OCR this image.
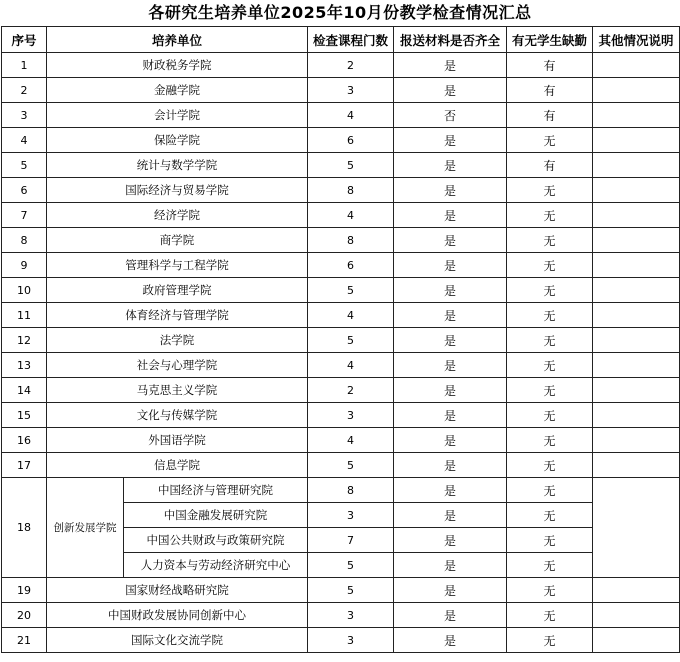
各研究生培养单位2025年10月份教学检查情况汇总
序号	培养单位		检查课程门数	报送材料是否齐全	有无学生缺勤	其他情况说明
1	财政税务学院		2	是	有	
2	金融学院		3	是	有	
3	会计学院		4	否	有	
4	保险学院		6	是	无	
5	统计与数学学院		5	是	有	
6	国际经济与贸易学院		8	是	无	
7	经济学院		4	是	无	
8	商学院		8	是	无	
9	管理科学与工程学院		6	是	无	
10	政府管理学院		5	是	无	
11	体育经济与管理学院		4	是	无	
12	法学院		5	是	无	
13	社会与心理学院		4	是	无	
14	马克思主义学院		2	是	无	
15	文化与传媒学院		3	是	无	
16	外国语学院		4	是	无	
17	信息学院		5	是	无	
18	创新发展学院	中国经济与管理研究院	8	是	无	
		中国金融发展研究院	3	是	无	
		中国公共财政与政策研究院	7	是	无	
		人力资本与劳动经济研究中心	5	是	无	
19	国家财经战略研究院		5	是	无	
20	中国财政发展协同创新中心		3	是	无	
21	国际文化交流学院		3	是	无	
